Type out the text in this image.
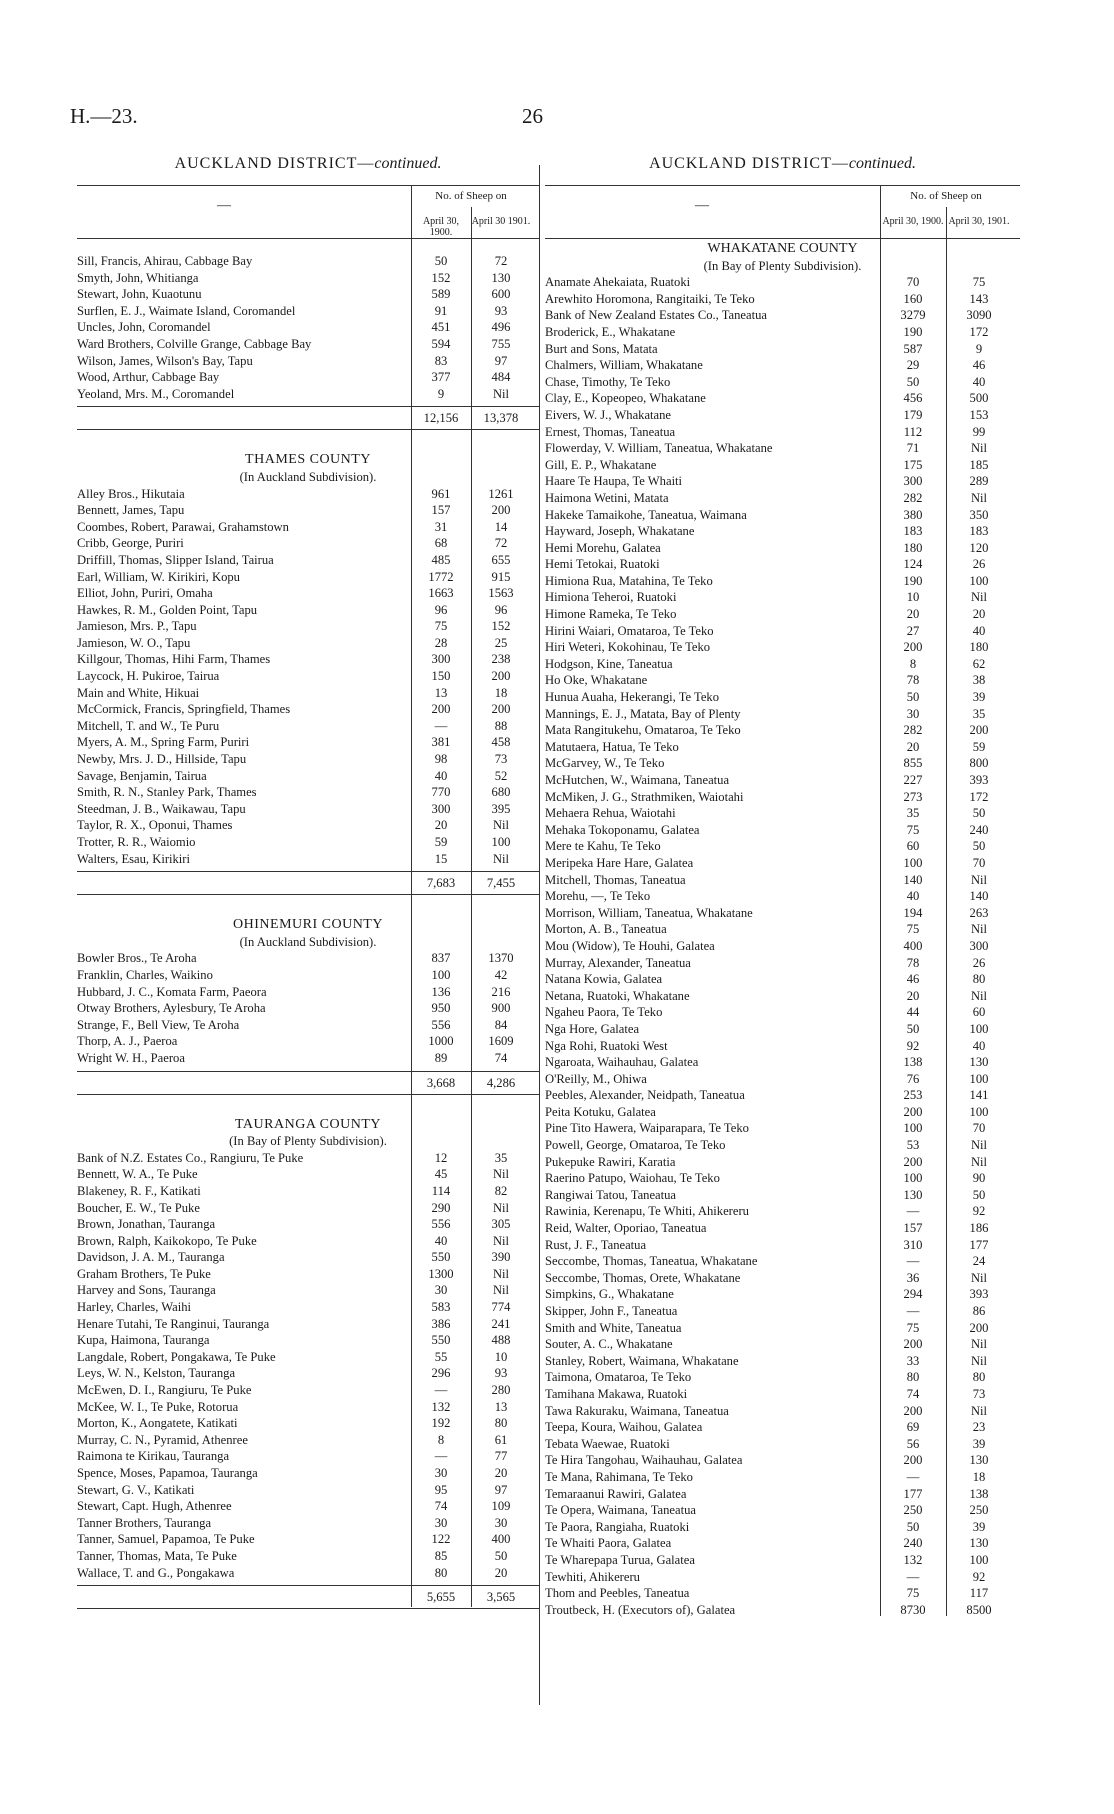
H.—23.	26
AUCKLAND DISTRICT—continued.
—
No. of Sheep on
April 30, 1900.
April 30 1901.
Sill, Francis, Ahirau, Cabbage Bay	50	72
Smyth, John, Whitianga	152	130
Stewart, John, Kuaotunu	589	600
Surflen, E. J., Waimate Island, Coromandel	91	93
Uncles, John, Coromandel	451	496
Ward Brothers, Colville Grange, Cabbage Bay	594	755
Wilson, James, Wilson's Bay, Tapu	83	97
Wood, Arthur, Cabbage Bay	377	484
Yeoland, Mrs. M., Coromandel	9	Nil
12,156	13,378
THAMES COUNTY
(In Auckland Subdivision).
Alley Bros., Hikutaia	961	1261
Bennett, James, Tapu	157	200
Coombes, Robert, Parawai, Grahamstown	31	14
Cribb, George, Puriri	68	72
Driffill, Thomas, Slipper Island, Tairua	485	655
Earl, William, W. Kirikiri, Kopu	1772	915
Elliot, John, Puriri, Omaha	1663	1563
Hawkes, R. M., Golden Point, Tapu	96	96
Jamieson, Mrs. P., Tapu	75	152
Jamieson, W. O., Tapu	28	25
Killgour, Thomas, Hihi Farm, Thames	300	238
Laycock, H. Pukiroe, Tairua	150	200
Main and White, Hikuai	13	18
McCormick, Francis, Springfield, Thames	200	200
Mitchell, T. and W., Te Puru	—	88
Myers, A. M., Spring Farm, Puriri	381	458
Newby, Mrs. J. D., Hillside, Tapu	98	73
Savage, Benjamin, Tairua	40	52
Smith, R. N., Stanley Park, Thames	770	680
Steedman, J. B., Waikawau, Tapu	300	395
Taylor, R. X., Oponui, Thames	20	Nil
Trotter, R. R., Waiomio	59	100
Walters, Esau, Kirikiri	15	Nil
7,683	7,455
OHINEMURI COUNTY
(In Auckland Subdivision).
Bowler Bros., Te Aroha	837	1370
Franklin, Charles, Waikino	100	42
Hubbard, J. C., Komata Farm, Paeora	136	216
Otway Brothers, Aylesbury, Te Aroha	950	900
Strange, F., Bell View, Te Aroha	556	84
Thorp, A. J., Paeroa	1000	1609
Wright W. H., Paeroa	89	74
3,668	4,286
TAURANGA COUNTY
(In Bay of Plenty Subdivision).
Bank of N.Z. Estates Co., Rangiuru, Te Puke	12	35
Bennett, W. A., Te Puke	45	Nil
Blakeney, R. F., Katikati	114	82
Boucher, E. W., Te Puke	290	Nil
Brown, Jonathan, Tauranga	556	305
Brown, Ralph, Kaikokopo, Te Puke	40	Nil
Davidson, J. A. M., Tauranga	550	390
Graham Brothers, Te Puke	1300	Nil
Harvey and Sons, Tauranga	30	Nil
Harley, Charles, Waihi	583	774
Henare Tutahi, Te Ranginui, Tauranga	386	241
Kupa, Haimona, Tauranga	550	488
Langdale, Robert, Pongakawa, Te Puke	55	10
Leys, W. N., Kelston, Tauranga	296	93
McEwen, D. I., Rangiuru, Te Puke	—	280
McKee, W. I., Te Puke, Rotorua	132	13
Morton, K., Aongatete, Katikati	192	80
Murray, C. N., Pyramid, Athenree	8	61
Raimona te Kirikau, Tauranga	—	77
Spence, Moses, Papamoa, Tauranga	30	20
Stewart, G. V., Katikati	95	97
Stewart, Capt. Hugh, Athenree	74	109
Tanner Brothers, Tauranga	30	30
Tanner, Samuel, Papamoa, Te Puke	122	400
Tanner, Thomas, Mata, Te Puke	85	50
Wallace, T. and G., Pongakawa	80	20
5,655	3,565
AUCKLAND DISTRICT—continued.
—
No. of Sheep on
April 30, 1900. April 30, 1901.
WHAKATANE COUNTY
(In Bay of Plenty Subdivision).
Anamate Ahekaiata, Ruatoki	70	75
Arewhito Horomona, Rangitaiki, Te Teko	160	143
Bank of New Zealand Estates Co., Taneatua	3279	3090
Broderick, E., Whakatane	190	172
Burt and Sons, Matata	587	9
Chalmers, William, Whakatane	29	46
Chase, Timothy, Te Teko	50	40
Clay, E., Kopeopeo, Whakatane	456	500
Eivers, W. J., Whakatane	179	153
Ernest, Thomas, Taneatua	112	99
Flowerday, V. William, Taneatua, Whakatane	71	Nil
Gill, E. P., Whakatane	175	185
Haare Te Haupa, Te Whaiti	300	289
Haimona Wetini, Matata	282	Nil
Hakeke Tamaikohe, Taneatua, Waimana	380	350
Hayward, Joseph, Whakatane	183	183
Hemi Morehu, Galatea	180	120
Hemi Tetokai, Ruatoki	124	26
Himiona Rua, Matahina, Te Teko	190	100
Himiona Teheroi, Ruatoki	10	Nil
Himone Rameka, Te Teko	20	20
Hirini Waiari, Omataroa, Te Teko	27	40
Hiri Weteri, Kokohinau, Te Teko	200	180
Hodgson, Kine, Taneatua	8	62
Ho Oke, Whakatane	78	38
Hunua Auaha, Hekerangi, Te Teko	50	39
Mannings, E. J., Matata, Bay of Plenty	30	35
Mata Rangitukehu, Omataroa, Te Teko	282	200
Matutaera, Hatua, Te Teko	20	59
McGarvey, W., Te Teko	855	800
McHutchen, W., Waimana, Taneatua	227	393
McMiken, J. G., Strathmiken, Waiotahi	273	172
Mehaera Rehua, Waiotahi	35	50
Mehaka Tokoponamu, Galatea	75	240
Mere te Kahu, Te Teko	60	50
Meripeka Hare Hare, Galatea	100	70
Mitchell, Thomas, Taneatua	140	Nil
Morehu, —, Te Teko	40	140
Morrison, William, Taneatua, Whakatane	194	263
Morton, A. B., Taneatua	75	Nil
Mou (Widow), Te Houhi, Galatea	400	300
Murray, Alexander, Taneatua	78	26
Natana Kowia, Galatea	46	80
Netana, Ruatoki, Whakatane	20	Nil
Ngaheu Paora, Te Teko	44	60
Nga Hore, Galatea	50	100
Nga Rohi, Ruatoki West	92	40
Ngaroata, Waihauhau, Galatea	138	130
O'Reilly, M., Ohiwa	76	100
Peebles, Alexander, Neidpath, Taneatua	253	141
Peita Kotuku, Galatea	200	100
Pine Tito Hawera, Waiparapara, Te Teko	100	70
Powell, George, Omataroa, Te Teko	53	Nil
Pukepuke Rawiri, Karatia	200	Nil
Raerino Patupo, Waiohau, Te Teko	100	90
Rangiwai Tatou, Taneatua	130	50
Rawinia, Kerenapu, Te Whiti, Ahikereru	—	92
Reid, Walter, Oporiao, Taneatua	157	186
Rust, J. F., Taneatua	310	177
Seccombe, Thomas, Taneatua, Whakatane	—	24
Seccombe, Thomas, Orete, Whakatane	36	Nil
Simpkins, G., Whakatane	294	393
Skipper, John F., Taneatua	—	86
Smith and White, Taneatua	75	200
Souter, A. C., Whakatane	200	Nil
Stanley, Robert, Waimana, Whakatane	33	Nil
Taimona, Omataroa, Te Teko	80	80
Tamihana Makawa, Ruatoki	74	73
Tawa Rakuraku, Waimana, Taneatua	200	Nil
Teepa, Koura, Waihou, Galatea	69	23
Tebata Waewae, Ruatoki	56	39
Te Hira Tangohau, Waihauhau, Galatea	200	130
Te Mana, Rahimana, Te Teko	—	18
Temaraanui Rawiri, Galatea	177	138
Te Opera, Waimana, Taneatua	250	250
Te Paora, Rangiaha, Ruatoki	50	39
Te Whaiti Paora, Galatea	240	130
Te Wharepapa Turua, Galatea	132	100
Tewhiti, Ahikereru	—	92
Thom and Peebles, Taneatua	75	117
Troutbeck, H. (Executors of), Galatea	8730	8500
